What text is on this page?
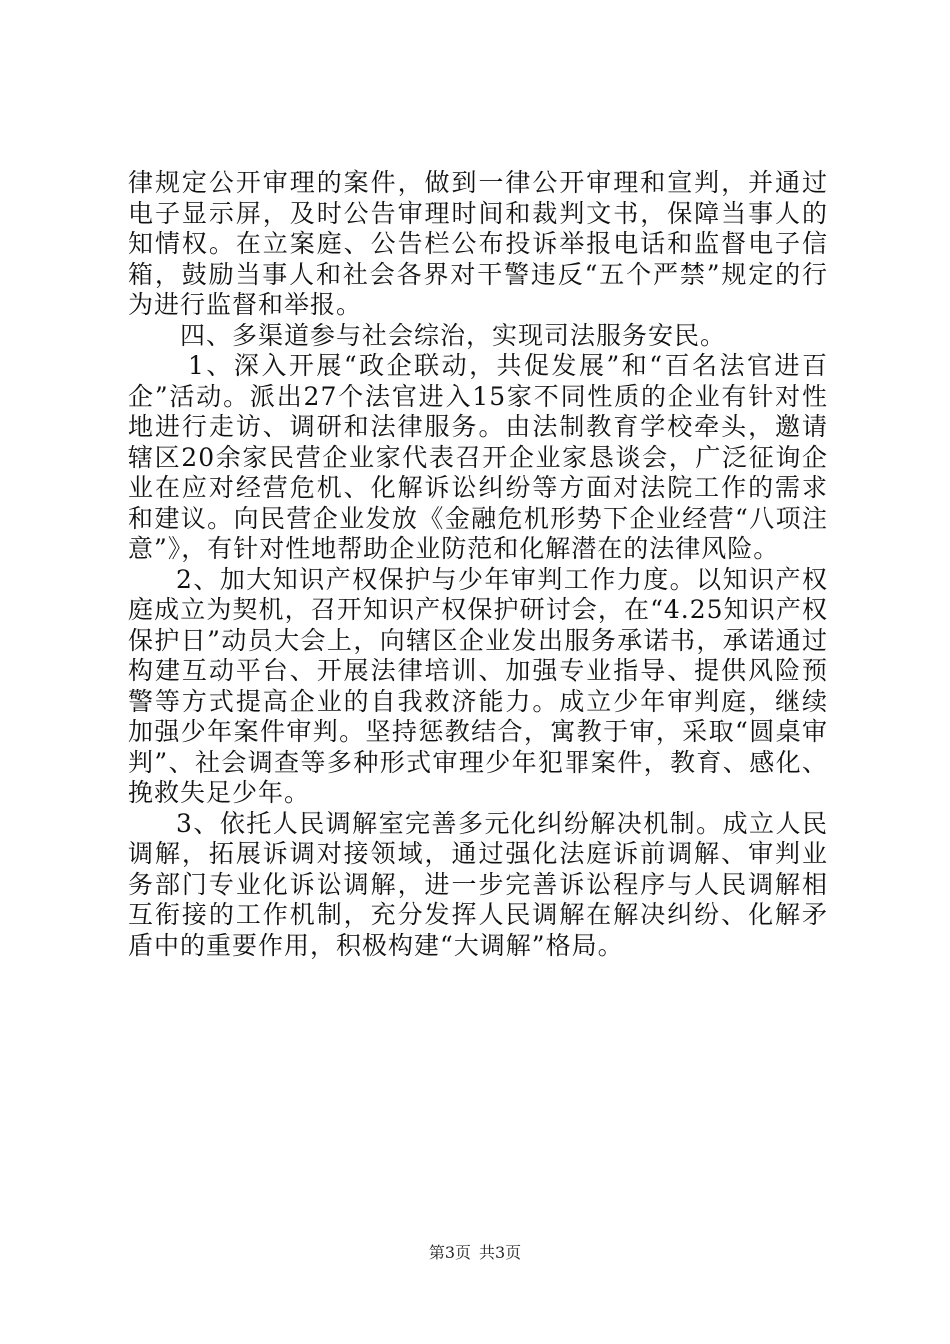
律规定公开审理的案件，做到一律公开审理和宣判，并通过电子显示屏，及时公告审理时间和裁判文书，保障当事人的知情权。在立案庭、公告栏公布投诉举报电话和监督电子信箱，鼓励当事人和社会各界对干警违反“五个严禁”规定的行为进行监督和举报。

四、多渠道参与社会综治，实现司法服务安民。

1、深入开展“政企联动，共促发展”和“百名法官进百企”活动。派出27个法官进入15家不同性质的企业有针对性地进行走访、调研和法律服务。由法制教育学校牵头，邀请辖区20余家民营企业家代表召开企业家恳谈会，广泛征询企业在应对经营危机、化解诉讼纠纷等方面对法院工作的需求和建议。向民营企业发放《金融危机形势下企业经营“八项注意”》，有针对性地帮助企业防范和化解潜在的法律风险。

2、加大知识产权保护与少年审判工作力度。以知识产权庭成立为契机，召开知识产权保护研讨会，在“4.25知识产权保护日”动员大会上，向辖区企业发出服务承诺书，承诺通过构建互动平台、开展法律培训、加强专业指导、提供风险预警等方式提高企业的自我救济能力。成立少年审判庭，继续加强少年案件审判。坚持惩教结合，寓教于审，采取“圆桌审判”、社会调查等多种形式审理少年犯罪案件，教育、感化、挽救失足少年。

3、依托人民调解室完善多元化纠纷解决机制。成立人民调解，拓展诉调对接领域，通过强化法庭诉前调解、审判业务部门专业化诉讼调解，进一步完善诉讼程序与人民调解相互衔接的工作机制，充分发挥人民调解在解决纠纷、化解矛盾中的重要作用，积极构建“大调解”格局。

第3页 共3页
